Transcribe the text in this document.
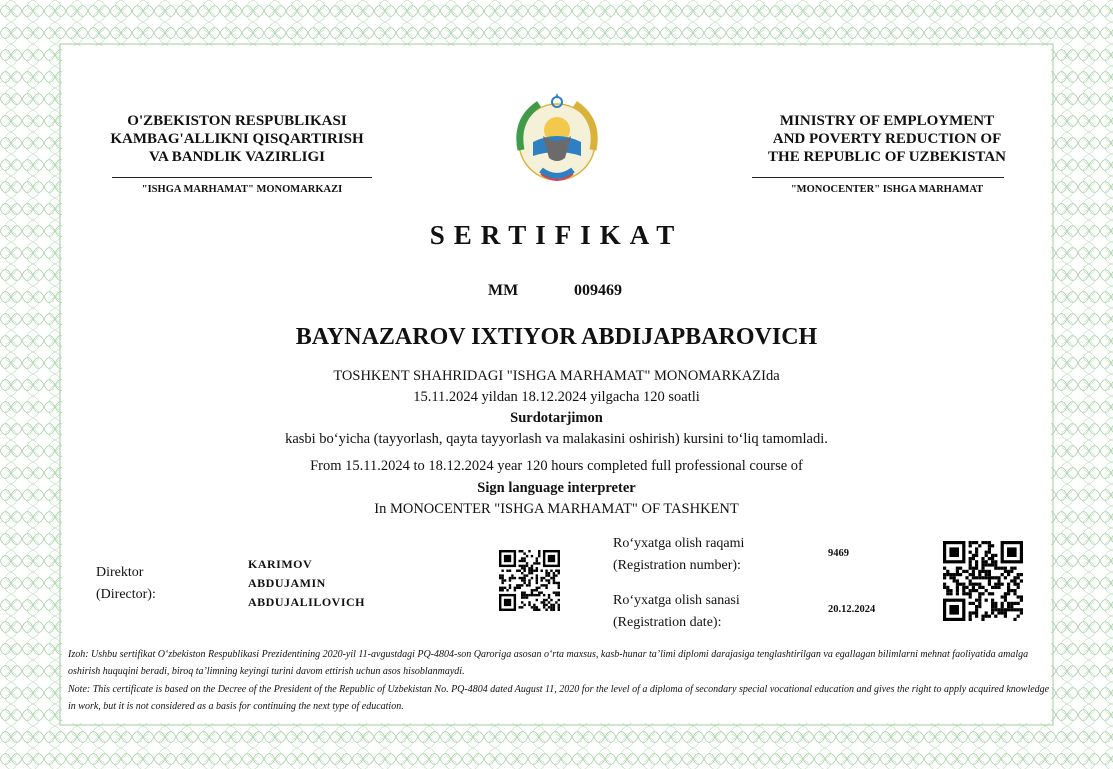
O'ZBEKISTON RESPUBLIKASI
KAMBAG'ALLIKNI QISQARTIRISH
VA BANDLIK VAZIRLIGI
"ISHGA MARHAMAT" MONOMARKAZI
MINISTRY OF EMPLOYMENT
AND POVERTY REDUCTION OF
THE REPUBLIC OF UZBEKISTAN
"MONOCENTER" ISHGA MARHAMAT
SERTIFIKAT
MM	009469
BAYNAZAROV IXTIYOR ABDIJAPBAROVICH
TOSHKENT SHAHRIDAGI "ISHGA MARHAMAT" MONOMARKAZIda
15.11.2024 yildan 18.12.2024 yilgacha 120 soatli
Surdotarjimon
kasbi bo‘yicha (tayyorlash, qayta tayyorlash va malakasini oshirish) kursini to‘liq tamomladi.
From 15.11.2024 to 18.12.2024 year 120 hours completed full professional course of
Sign language interpreter
In MONOCENTER "ISHGA MARHAMAT" OF TASHKENT
Direktor
(Director):
KARIMOV
ABDUJAMIN
ABDUJALILOVICH
Ro‘yxatga olish raqami
(Registration number):
9469
Ro‘yxatga olish sanasi
(Registration date):
20.12.2024
Izoh: Ushbu sertifikat O‘zbekiston Respublikasi Prezidentining 2020-yil 11-avgustdagi PQ-4804-son Qaroriga asosan o‘rta maxsus, kasb-hunar ta’limi diplomi darajasiga tenglashtirilgan va egallagan bilimlarni mehnat faoliyatida amalga oshirish huquqini beradi, biroq ta’limning keyingi turini davom ettirish uchun asos hisoblanmaydi.
Note: This certificate is based on the Decree of the President of the Republic of Uzbekistan No. PQ-4804 dated August 11, 2020 for the level of a diploma of secondary special vocational education and gives the right to apply acquired knowledge in work, but it is not considered as a basis for continuing the next type of education.
